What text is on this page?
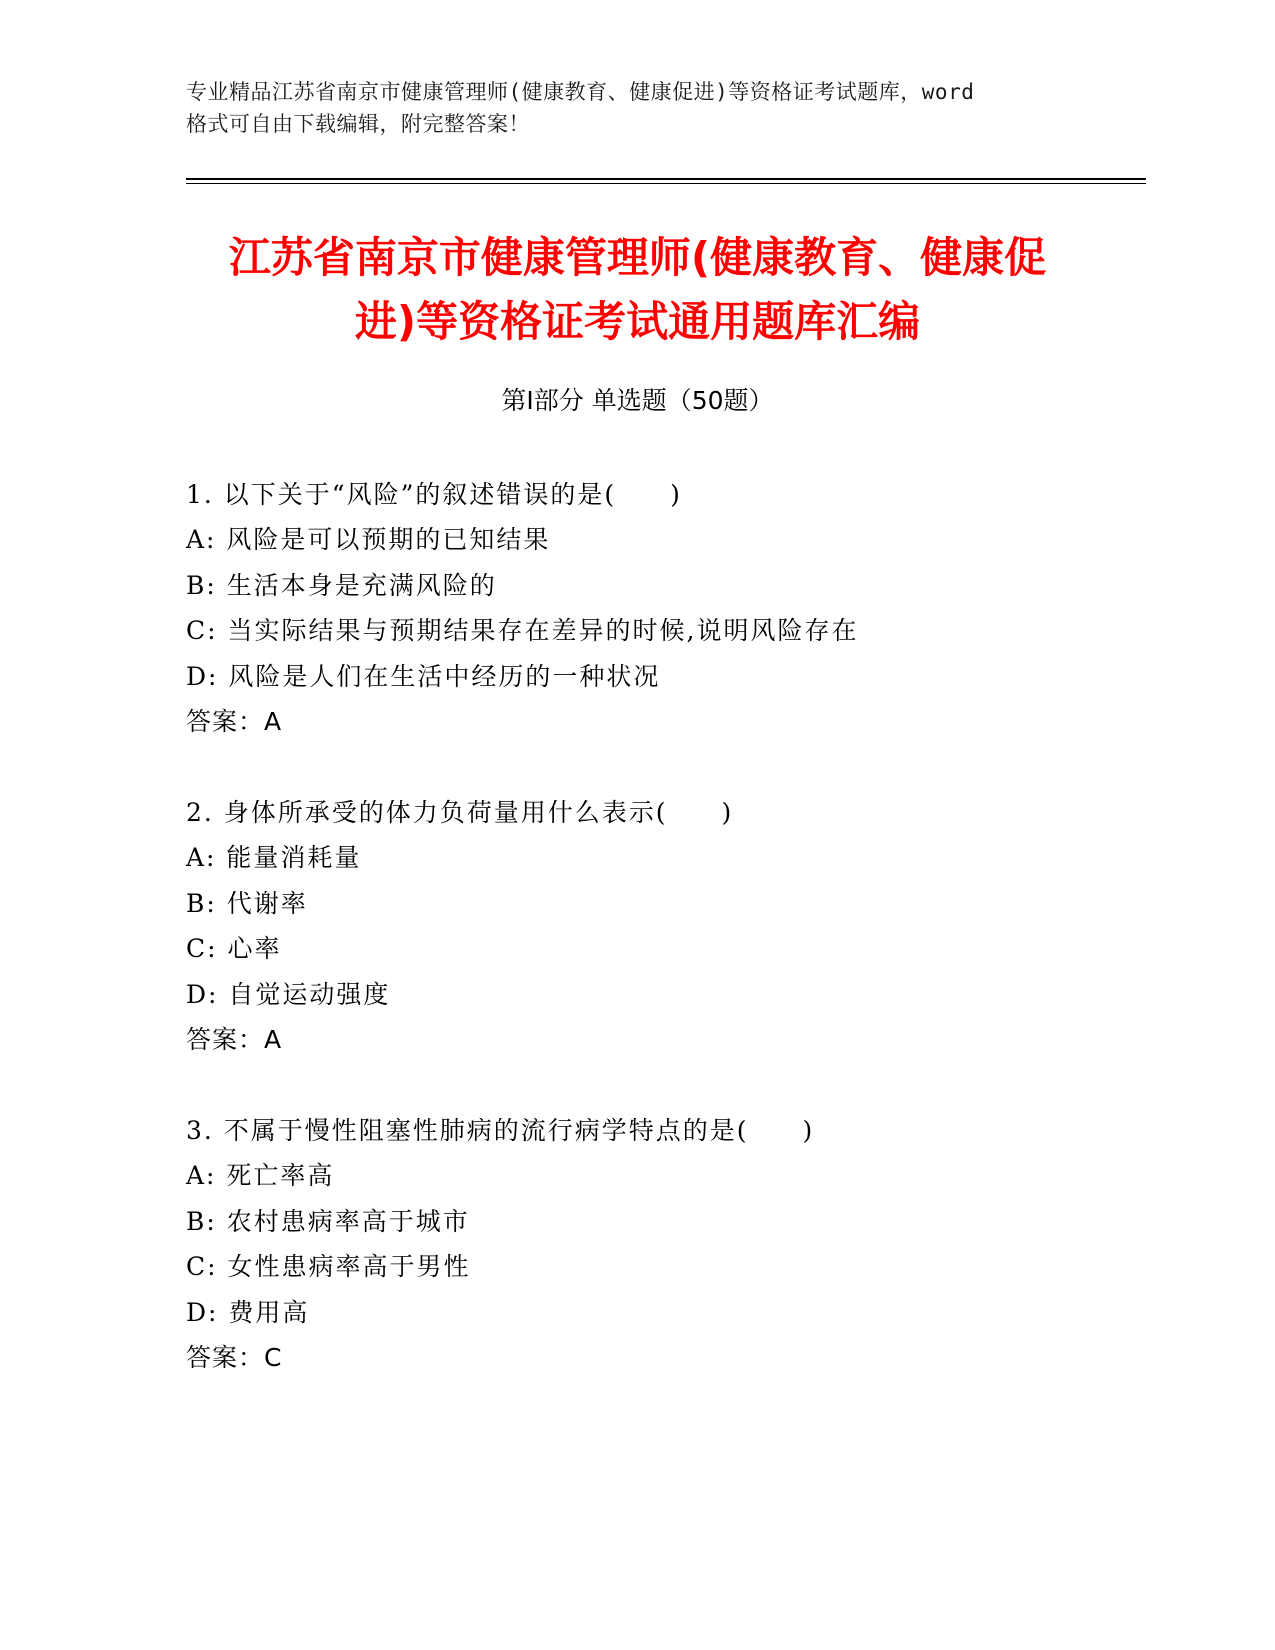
专业精品江苏省南京市健康管理师(健康教育、健康促进)等资格证考试题库，word
格式可自由下载编辑，附完整答案！
江苏省南京市健康管理师(健康教育、健康促
进)等资格证考试通用题库汇编
第Ⅰ部分 单选题（50题）
1. 以下关于“风险”的叙述错误的是(　　)
A: 风险是可以预期的已知结果
B: 生活本身是充满风险的
C: 当实际结果与预期结果存在差异的时候,说明风险存在
D: 风险是人们在生活中经历的一种状况
答案：A
2. 身体所承受的体力负荷量用什么表示(　　)
A: 能量消耗量
B: 代谢率
C: 心率
D: 自觉运动强度
答案：A
3. 不属于慢性阻塞性肺病的流行病学特点的是(　　)
A: 死亡率高
B: 农村患病率高于城市
C: 女性患病率高于男性
D: 费用高
答案：C
